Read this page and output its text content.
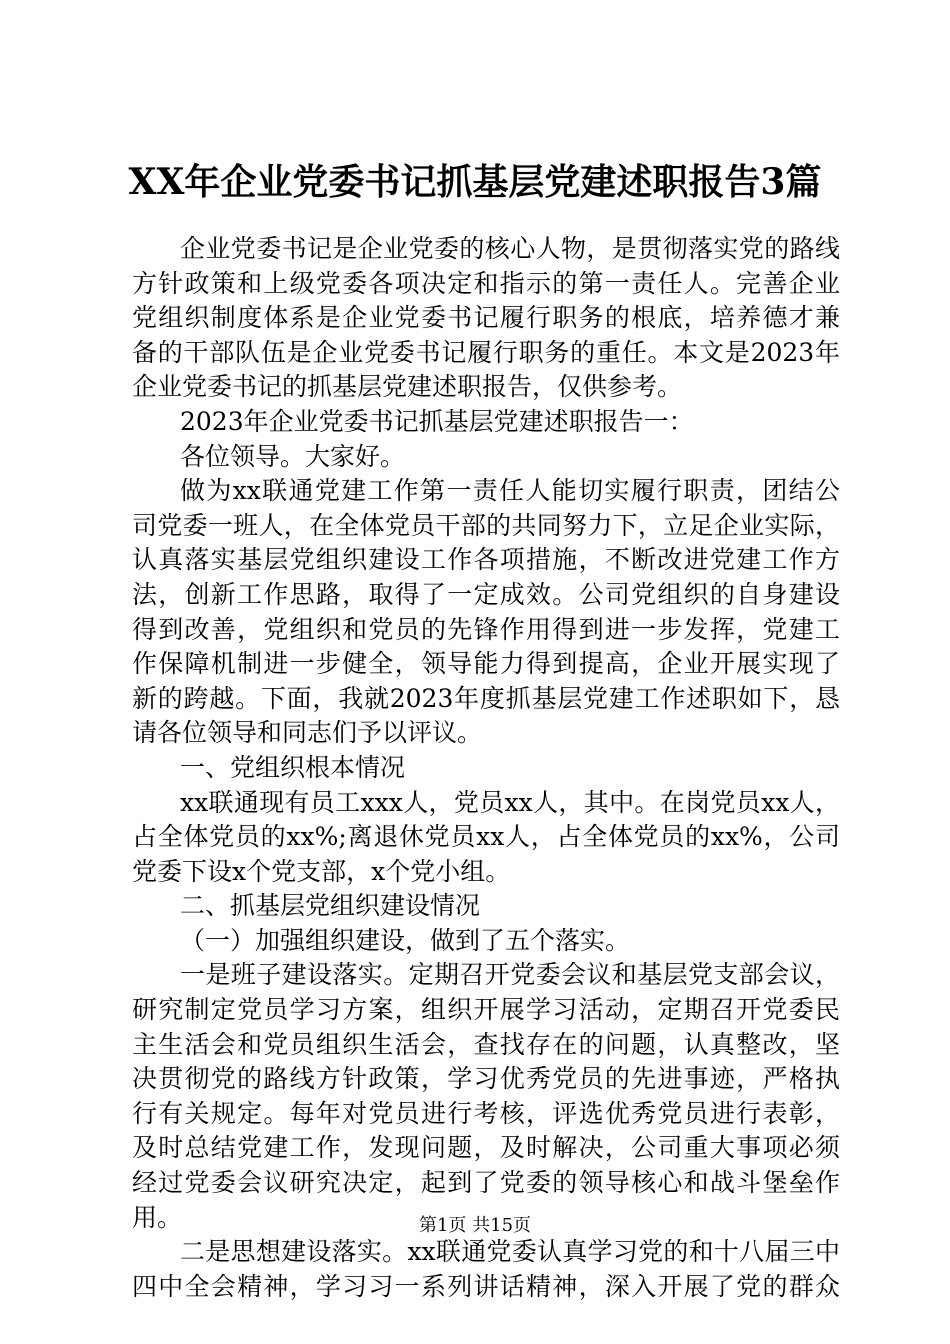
XX年企业党委书记抓基层党建述职报告3篇
企业党委书记是企业党委的核心人物，是贯彻落实党的路线
方针政策和上级党委各项决定和指示的第一责任人。完善企业
党组织制度体系是企业党委书记履行职务的根底，培养德才兼
备的干部队伍是企业党委书记履行职务的重任。本文是2023年
企业党委书记的抓基层党建述职报告，仅供参考。
2023年企业党委书记抓基层党建述职报告一：
各位领导。大家好。
做为xx联通党建工作第一责任人能切实履行职责，团结公
司党委一班人，在全体党员干部的共同努力下，立足企业实际，
认真落实基层党组织建设工作各项措施，不断改进党建工作方
法，创新工作思路，取得了一定成效。公司党组织的自身建设
得到改善，党组织和党员的先锋作用得到进一步发挥，党建工
作保障机制进一步健全，领导能力得到提高，企业开展实现了
新的跨越。下面，我就2023年度抓基层党建工作述职如下，恳
请各位领导和同志们予以评议。
一、党组织根本情况
xx联通现有员工xxx人，党员xx人，其中。在岗党员xx人，
占全体党员的xx%;离退休党员xx人，占全体党员的xx%，公司
党委下设x个党支部，x个党小组。
二、抓基层党组织建设情况
（一）加强组织建设，做到了五个落实。
一是班子建设落实。定期召开党委会议和基层党支部会议，
研究制定党员学习方案，组织开展学习活动，定期召开党委民
主生活会和党员组织生活会，查找存在的问题，认真整改，坚
决贯彻党的路线方针政策，学习优秀党员的先进事迹，严格执
行有关规定。每年对党员进行考核，评选优秀党员进行表彰，
及时总结党建工作，发现问题，及时解决，公司重大事项必须
经过党委会议研究决定，起到了党委的领导核心和战斗堡垒作
用。
二是思想建设落实。xx联通党委认真学习党的和十八届三中
四中全会精神，学习习一系列讲话精神，深入开展了党的群众
第1页 共15页
